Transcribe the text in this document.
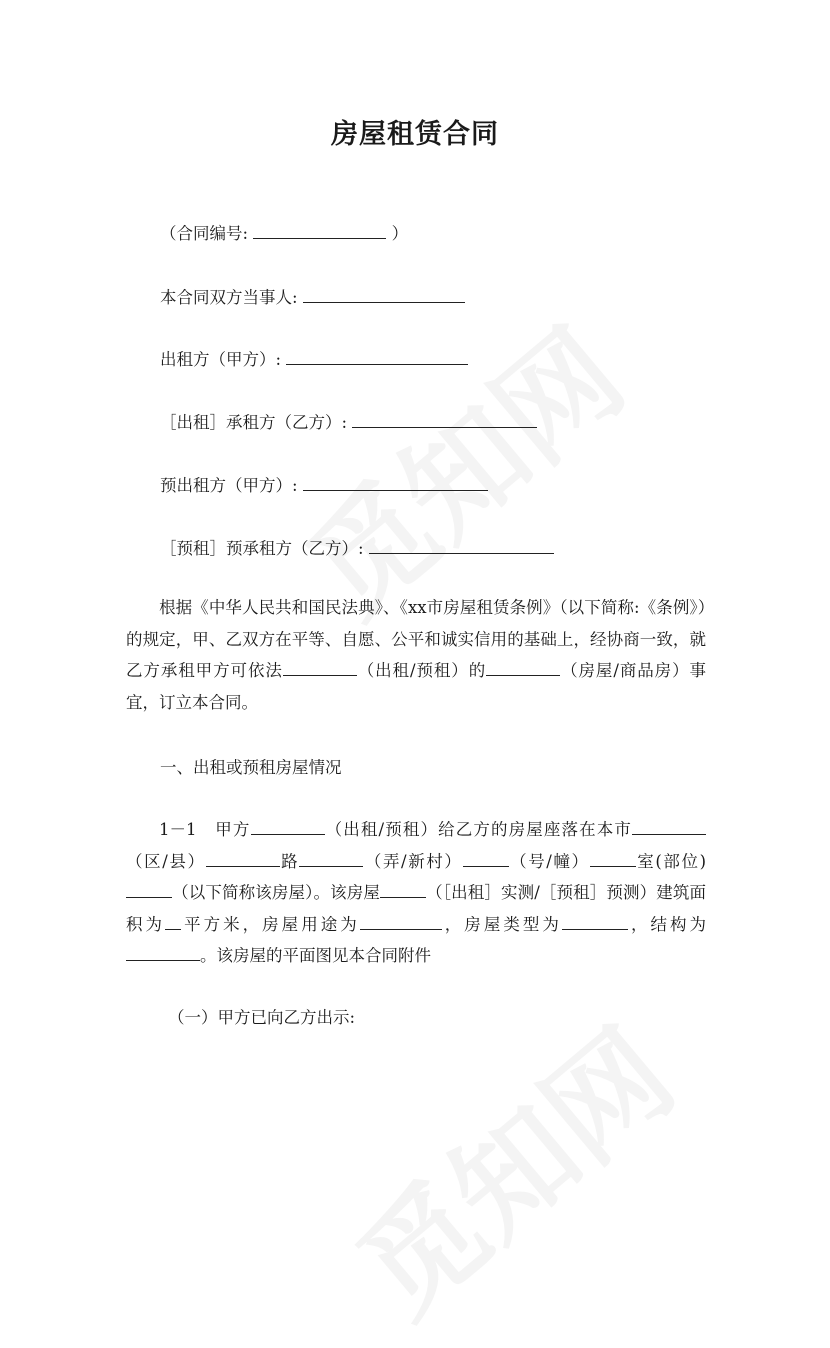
房屋租赁合同
（合同编号:	）
本合同双方当事人:
出租方（甲方）:
［出租］承租方（乙方）:
预出租方（甲方）:
［预租］预承租方（乙方）:

根据《中华人民共和国民法典》、《xx市房屋租赁条例》（以下简称:《条例》）的规定，甲、乙双方在平等、自愿、公平和诚实信用的基础上，经协商一致，就乙方承租甲方可依法	（出租/预租）的	（房屋/商品房）事宜，订立本合同。

一、出租或预租房屋情况

1－1　甲方	（出租/预租）给乙方的房屋座落在本市（区/县）	路	（弄/新村）	（号/幢）	室(部位)（以下简称该房屋）。该房屋	（［出租］实测/［预租］预测）建筑面积为 平方米，房屋用途为	，房屋类型为	，结构为。该房屋的平面图见本合同附件

（一）甲方已向乙方出示:
